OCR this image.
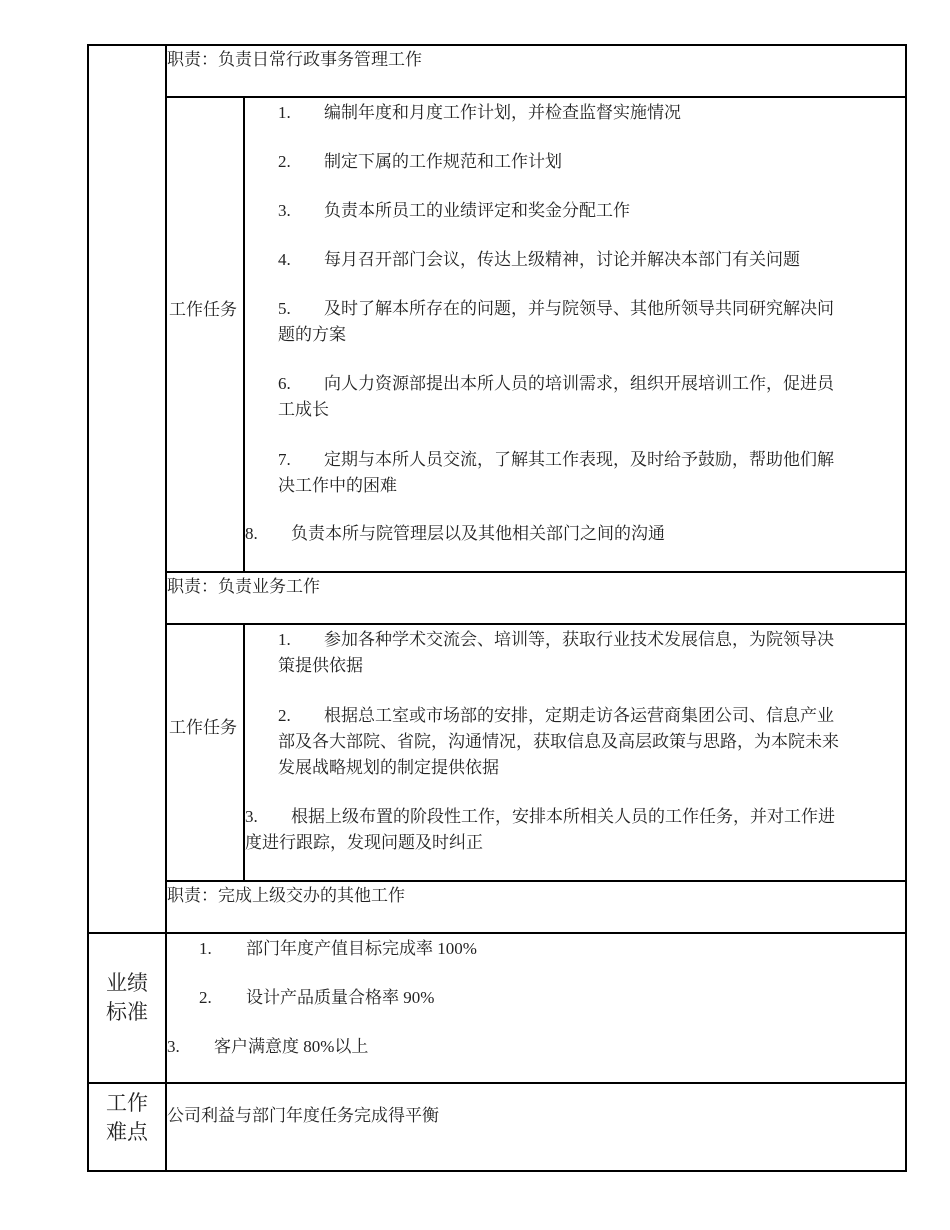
职责：负责日常行政事务管理工作
工作任务
1. 编制年度和月度工作计划，并检查监督实施情况
2. 制定下属的工作规范和工作计划
3. 负责本所员工的业绩评定和奖金分配工作
4. 每月召开部门会议，传达上级精神，讨论并解决本部门有关问题
5. 及时了解本所存在的问题，并与院领导、其他所领导共同研究解决问
题的方案
6. 向人力资源部提出本所人员的培训需求，组织开展培训工作，促进员
工成长
7. 定期与本所人员交流，了解其工作表现，及时给予鼓励，帮助他们解
决工作中的困难
8. 负责本所与院管理层以及其他相关部门之间的沟通
职责：负责业务工作
工作任务
1. 参加各种学术交流会、培训等，获取行业技术发展信息，为院领导决
策提供依据
2. 根据总工室或市场部的安排，定期走访各运营商集团公司、信息产业
部及各大部院、省院，沟通情况，获取信息及高层政策与思路，为本院未来
发展战略规划的制定提供依据
3. 根据上级布置的阶段性工作，安排本所相关人员的工作任务，并对工作进
度进行跟踪，发现问题及时纠正
职责：完成上级交办的其他工作
业绩标准
1. 部门年度产值目标完成率 100%
2. 设计产品质量合格率 90%
3. 客户满意度 80%以上
工作难点
公司利益与部门年度任务完成得平衡
